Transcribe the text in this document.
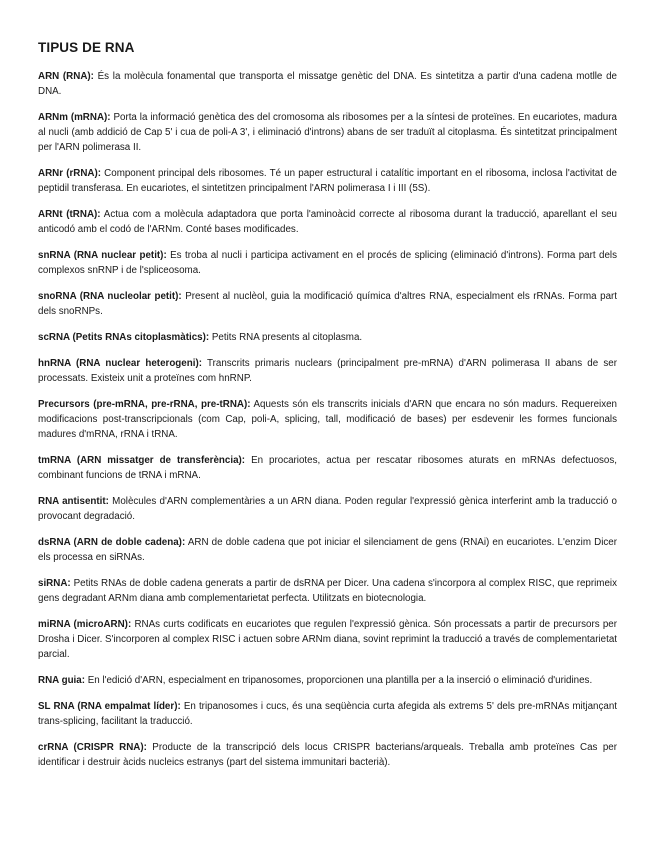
TIPUS DE RNA

ARN (RNA): És la molècula fonamental que transporta el missatge genètic del DNA. Es sintetitza a partir d'una cadena motlle de DNA.

ARNm (mRNA): Porta la informació genètica des del cromosoma als ribosomes per a la síntesi de proteïnes. En eucariotes, madura al nucli (amb addició de Cap 5' i cua de poli-A 3', i eliminació d'introns) abans de ser traduït al citoplasma. És sintetitzat principalment per l'ARN polimerasa II.

ARNr (rRNA): Component principal dels ribosomes. Té un paper estructural i catalític important en el ribosoma, inclosa l'activitat de peptidil transferasa. En eucariotes, el sintetitzen principalment l'ARN polimerasa I i III (5S).

ARNt (tRNA): Actua com a molècula adaptadora que porta l'aminoàcid correcte al ribosoma durant la traducció, aparellant el seu anticodó amb el codó de l'ARNm. Conté bases modificades.

snRNA (RNA nuclear petit): Es troba al nucli i participa activament en el procés de splicing (eliminació d'introns). Forma part dels complexos snRNP i de l'spliceosoma.

snoRNA (RNA nucleolar petit): Present al nuclèol, guia la modificació química d'altres RNA, especialment els rRNAs. Forma part dels snoRNPs.

scRNA (Petits RNAs citoplasmàtics): Petits RNA presents al citoplasma.

hnRNA (RNA nuclear heterogeni): Transcrits primaris nuclears (principalment pre-mRNA) d'ARN polimerasa II abans de ser processats. Existeix unit a proteïnes com hnRNP.

Precursors (pre-mRNA, pre-rRNA, pre-tRNA): Aquests són els transcrits inicials d'ARN que encara no són madurs. Requereixen modificacions post-transcripcionals (com Cap, poli-A, splicing, tall, modificació de bases) per esdevenir les formes funcionals madures d'mRNA, rRNA i tRNA.

tmRNA (ARN missatger de transferència): En procariotes, actua per rescatar ribosomes aturats en mRNAs defectuosos, combinant funcions de tRNA i mRNA.

RNA antisentit: Molècules d'ARN complementàries a un ARN diana. Poden regular l'expressió gènica interferint amb la traducció o provocant degradació.

dsRNA (ARN de doble cadena): ARN de doble cadena que pot iniciar el silenciament de gens (RNAi) en eucariotes. L'enzim Dicer els processa en siRNAs.

siRNA: Petits RNAs de doble cadena generats a partir de dsRNA per Dicer. Una cadena s'incorpora al complex RISC, que reprimeix gens degradant ARNm diana amb complementarietat perfecta. Utilitzats en biotecnologia.

miRNA (microARN): RNAs curts codificats en eucariotes que regulen l'expressió gènica. Són processats a partir de precursors per Drosha i Dicer. S'incorporen al complex RISC i actuen sobre ARNm diana, sovint reprimint la traducció a través de complementarietat parcial.

RNA guia: En l'edició d'ARN, especialment en tripanosomes, proporcionen una plantilla per a la inserció o eliminació d'uridines.

SL RNA (RNA empalmat líder): En tripanosomes i cucs, és una seqüència curta afegida als extrems 5' dels pre-mRNAs mitjançant trans-splicing, facilitant la traducció.

crRNA (CRISPR RNA): Producte de la transcripció dels locus CRISPR bacterians/arqueals. Treballa amb proteïnes Cas per identificar i destruir àcids nucleics estranys (part del sistema immunitari bacterià).
